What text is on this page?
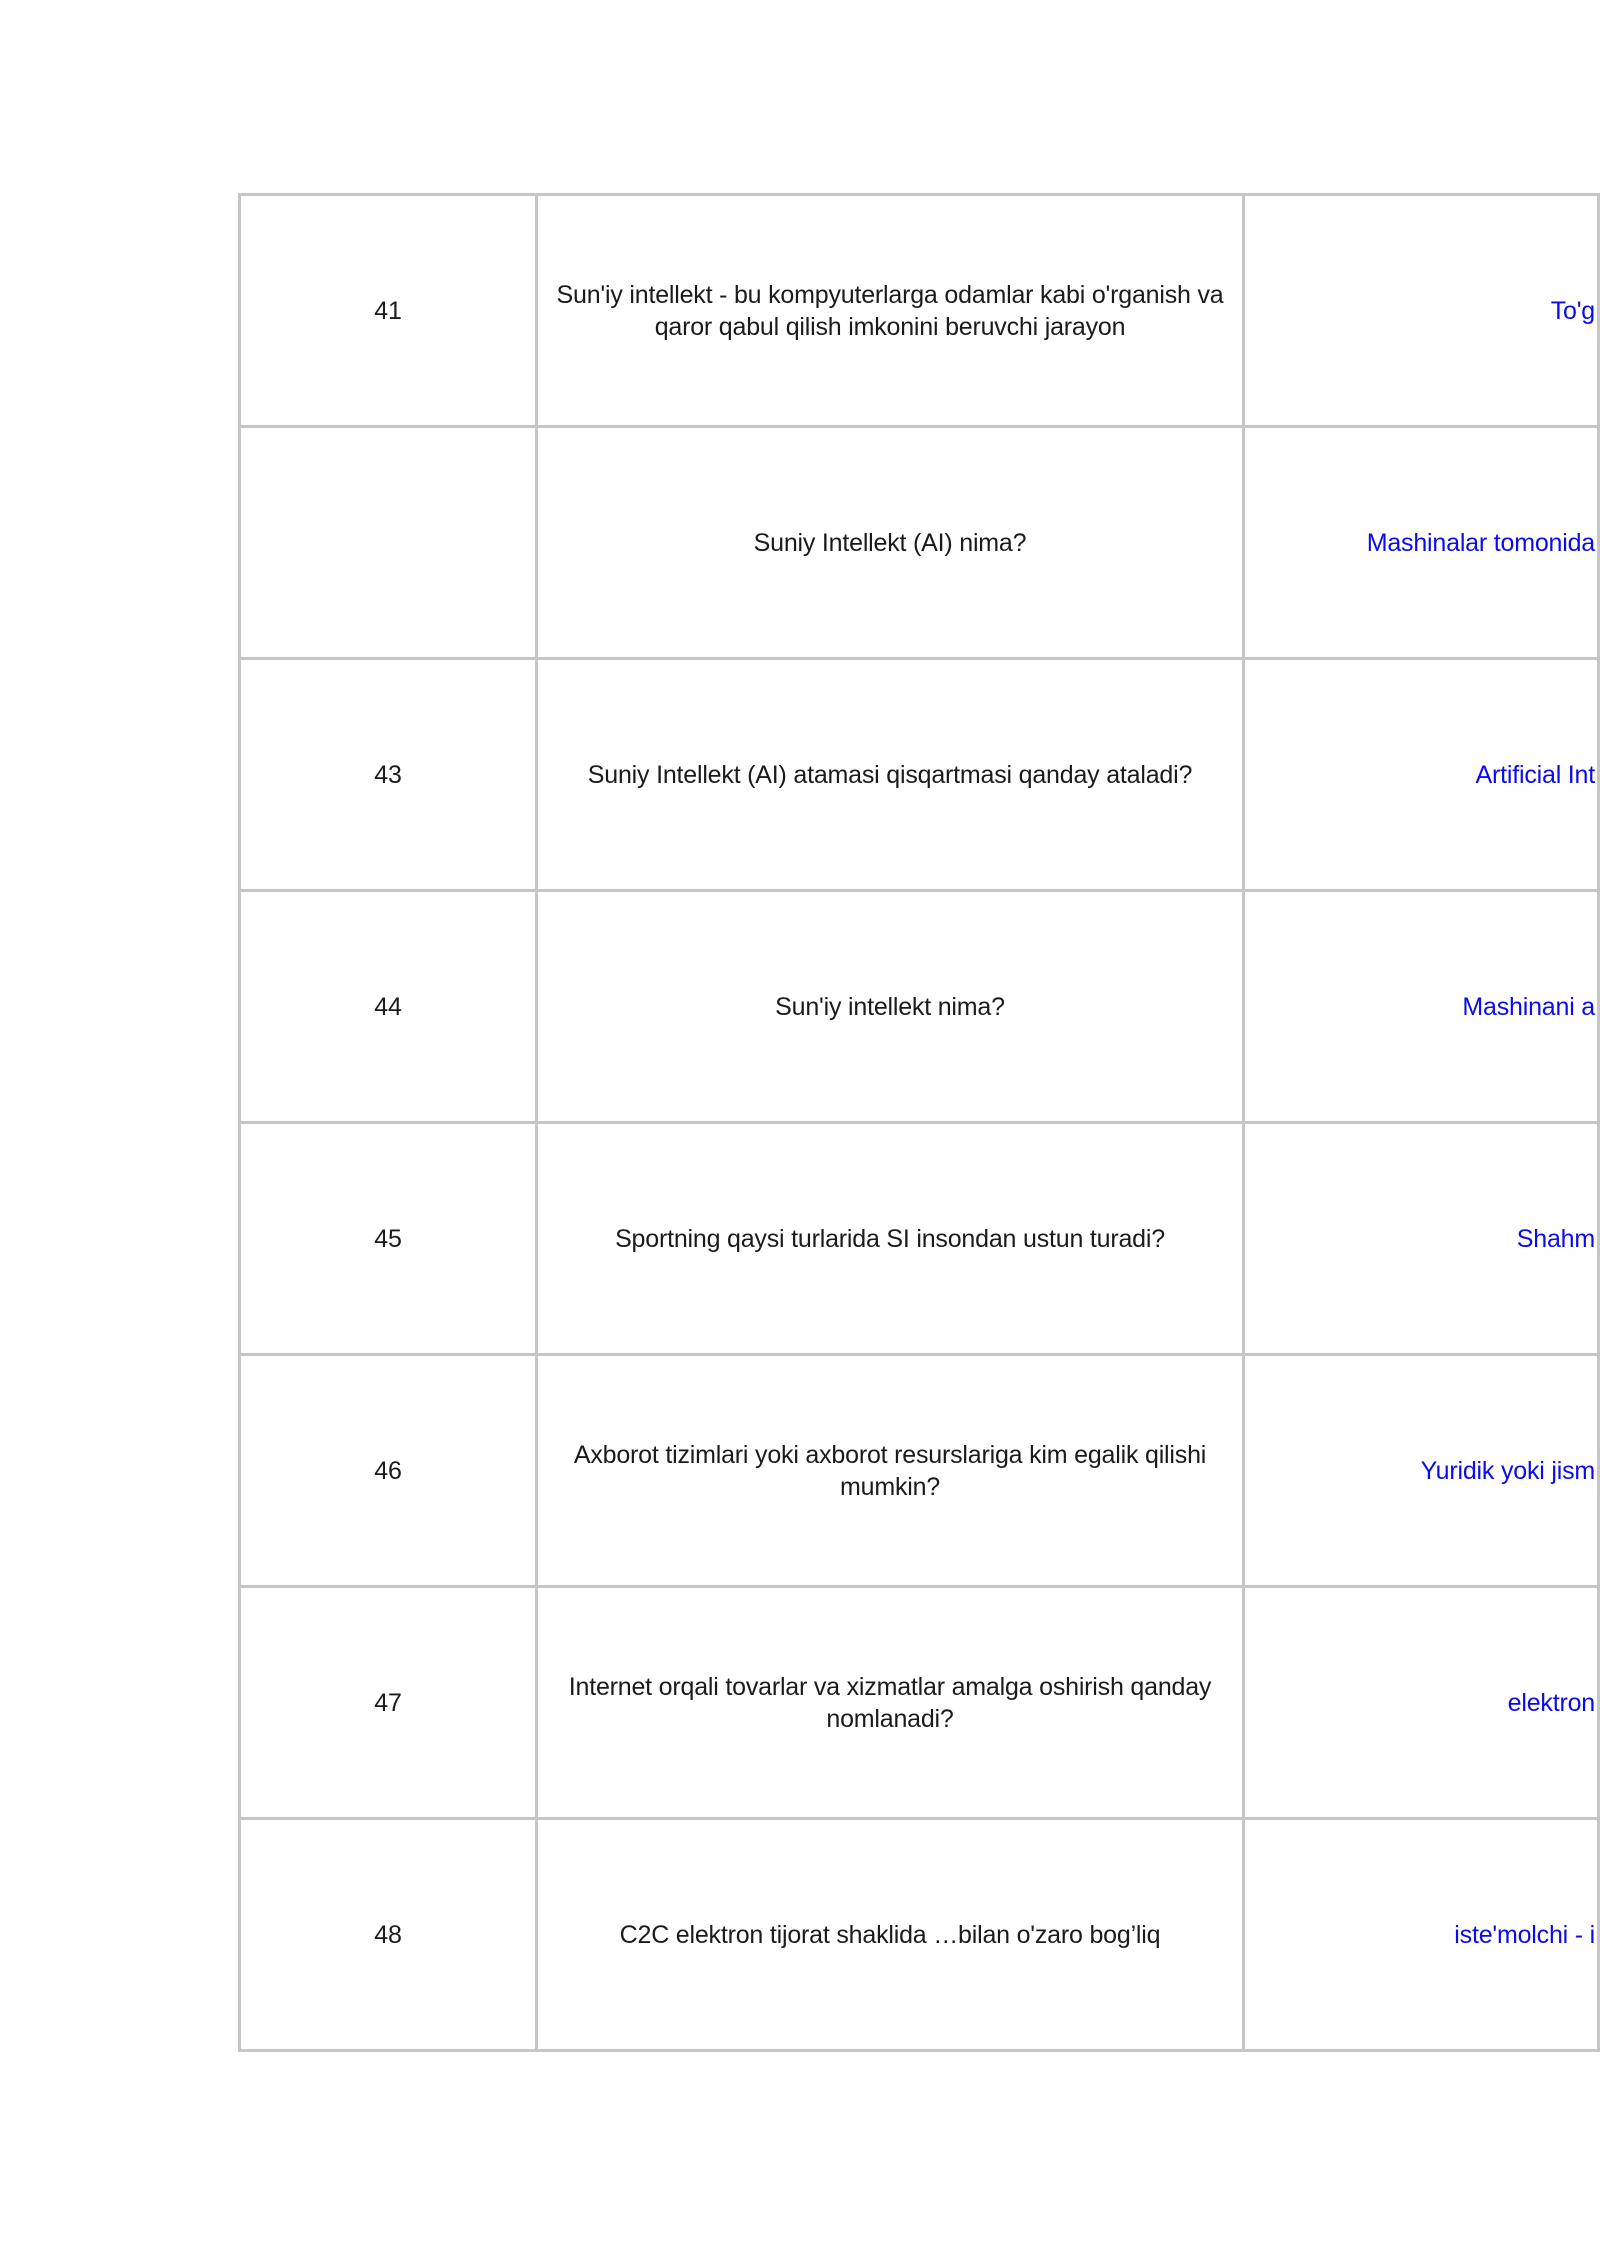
41	Sun'iy intellekt - bu kompyuterlarga odamlar kabi o'rganish va qaror qabul qilish imkonini beruvchi jarayon	To'g
	Suniy Intellekt (AI) nima?	Mashinalar tomonida
43	Suniy Intellekt (AI) atamasi qisqartmasi qanday ataladi?	Artificial Int
44	Sun'iy intellekt nima?	Mashinani a
45	Sportning qaysi turlarida SI insondan ustun turadi?	Shahm
46	Axborot tizimlari yoki axborot resurslariga kim egalik qilishi mumkin?	Yuridik yoki jism
47	Internet orqali tovarlar va xizmatlar amalga oshirish qanday nomlanadi?	elektron
48	C2C elektron tijorat shaklida …bilan o'zaro bog’liq	iste'molchi - i
